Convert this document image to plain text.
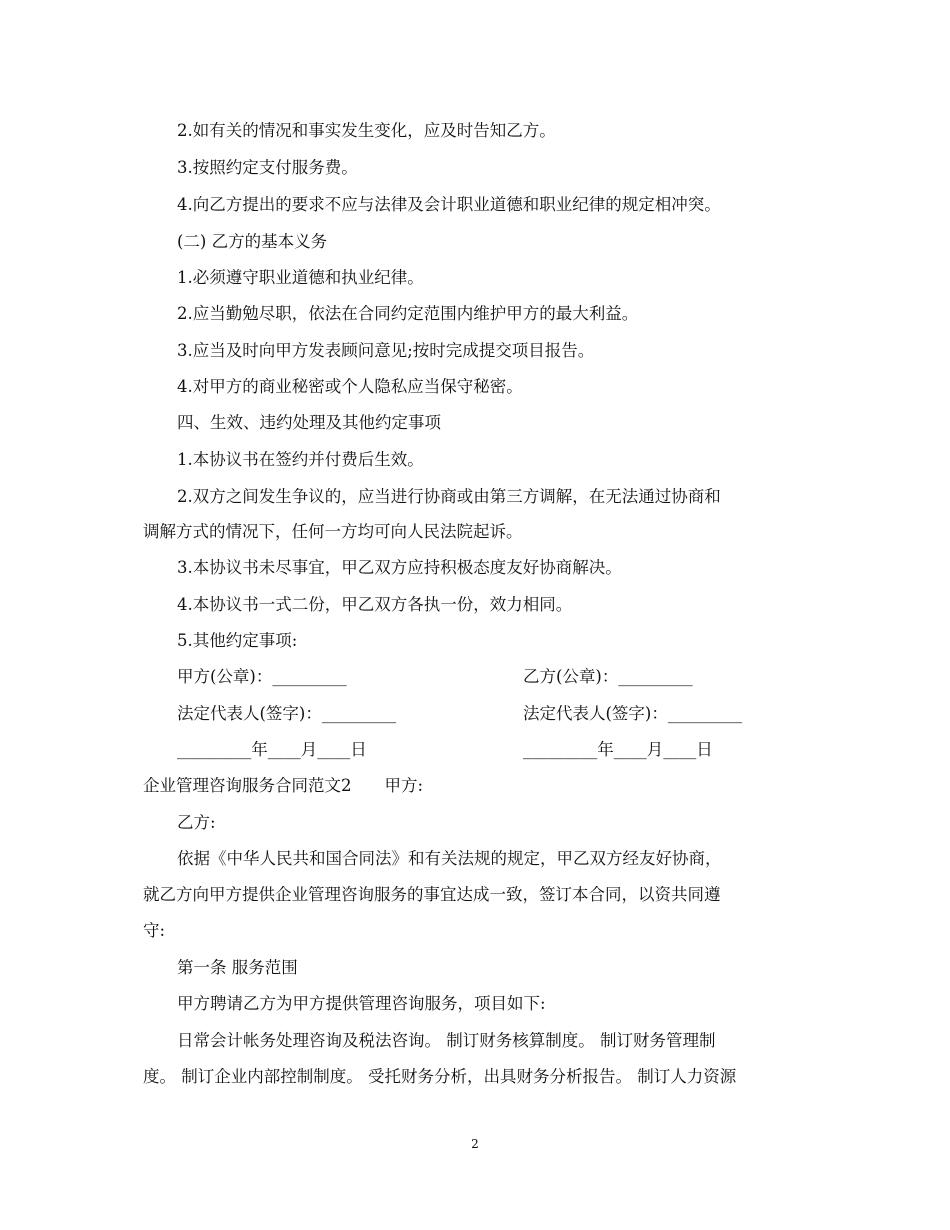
2.如有关的情况和事实发生变化，应及时告知乙方。
3.按照约定支付服务费。
4.向乙方提出的要求不应与法律及会计职业道德和职业纪律的规定相冲突。
(二) 乙方的基本义务
1.必须遵守职业道德和执业纪律。
2.应当勤勉尽职，依法在合同约定范围内维护甲方的最大利益。
3.应当及时向甲方发表顾问意见;按时完成提交项目报告。
4.对甲方的商业秘密或个人隐私应当保守秘密。
四、生效、违约处理及其他约定事项
1.本协议书在签约并付费后生效。
2.双方之间发生争议的，应当进行协商或由第三方调解，在无法通过协商和
调解方式的情况下，任何一方均可向人民法院起诉。
3.本协议书未尽事宜，甲乙双方应持积极态度友好协商解决。
4.本协议书一式二份，甲乙双方各执一份，效力相同。
5.其他约定事项:
甲方(公章)：_________	乙方(公章)：_________
法定代表人(签字)：_________	法定代表人(签字)：_________
_________年____月____日	_________年____月____日
企业管理咨询服务合同范文2　　甲方:
乙方:
依据《中华人民共和国合同法》和有关法规的规定，甲乙双方经友好协商，
就乙方向甲方提供企业管理咨询服务的事宜达成一致，签订本合同，以资共同遵
守:
第一条 服务范围
甲方聘请乙方为甲方提供管理咨询服务，项目如下:
日常会计帐务处理咨询及税法咨询。 制订财务核算制度。 制订财务管理制
度。 制订企业内部控制制度。 受托财务分析，出具财务分析报告。 制订人力资源
2
